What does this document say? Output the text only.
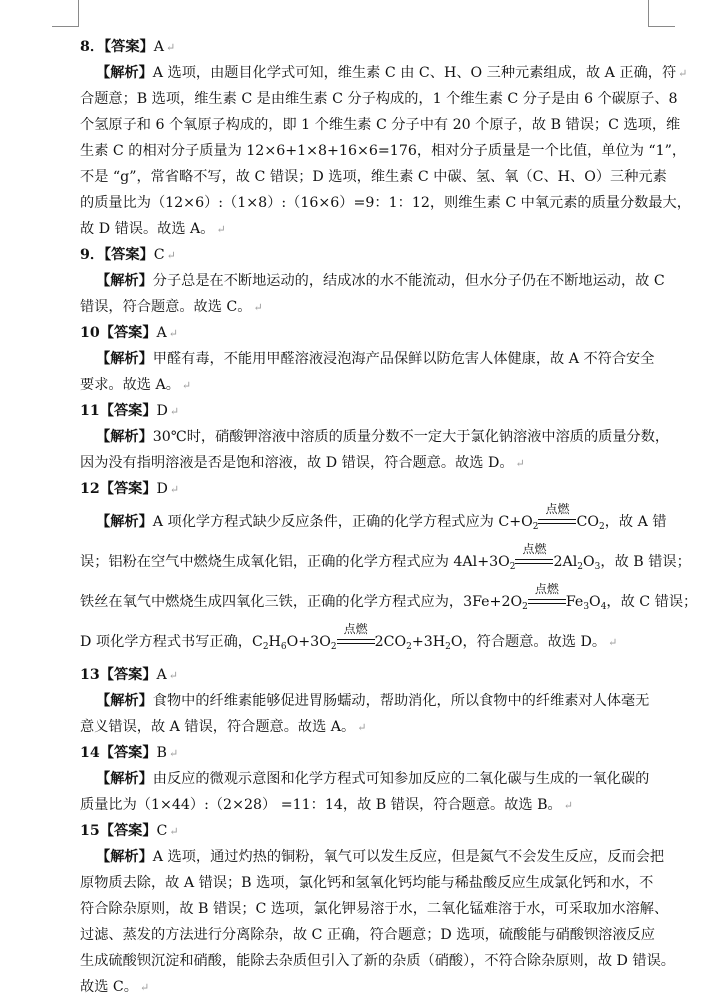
8．【答案】A ↵
【解析】A 选项，由题目化学式可知，维生素 C 由 C、H、O 三种元素组成，故 A 正确，符 ↵
合题意；B 选项，维生素 C 是由维生素 C 分子构成的，1 个维生素 C 分子是由 6 个碳原子、8
个氢原子和 6 个氧原子构成的，即 1 个维生素 C 分子中有 20 个原子，故 B 错误；C 选项，维
生素 C 的相对分子质量为 12×6+1×8+16×6=176，相对分子质量是一个比值，单位为 “1”，
不是 “g”，常省略不写，故 C 错误；D 选项，维生素 C 中碳、氢、氧（C、H、O）三种元素
的质量比为（12×6）:（1×8）:（16×6）=9：1：12，则维生素 C 中氧元素的质量分数最大，
故 D 错误。故选 A。 ↵
9．【答案】C ↵
【解析】分子总是在不断地运动的，结成冰的水不能流动，但水分子仍在不断地运动，故 C
错误，符合题意。故选 C。 ↵
10【答案】A ↵
【解析】甲醛有毒，不能用甲醛溶液浸泡海产品保鲜以防危害人体健康，故 A 不符合安全
要求。故选 A。 ↵
11【答案】D ↵
【解析】30℃时，硝酸钾溶液中溶质的质量分数不一定大于氯化钠溶液中溶质的质量分数，
因为没有指明溶液是否是饱和溶液，故 D 错误，符合题意。故选 D。 ↵
12【答案】D ↵
【解析】A 项化学方程式缺少反应条件，正确的化学方程式应为 $C+O_2$
点燃
$CO_2$，故 A 错
误；铝粉在空气中燃烧生成氧化铝，正确的化学方程式应为 $4Al+3O_2$
点燃
$2Al_2O_3$，故 B 错误；
铁丝在氧气中燃烧生成四氧化三铁，正确的化学方程式应为，$3Fe+2O_2$
点燃
$Fe_3O_4$，故 C 错误；
D 项化学方程式书写正确，$C_2H_6O+3O_2$
点燃
$2CO_2+3H_2O$，符合题意。故选 D。 ↵
13【答案】A ↵
【解析】食物中的纤维素能够促进胃肠蠕动，帮助消化，所以食物中的纤维素对人体毫无
意义错误，故 A 错误，符合题意。故选 A。 ↵
14【答案】B ↵
【解析】由反应的微观示意图和化学方程式可知参加反应的二氧化碳与生成的一氧化碳的
质量比为（1×44）:（2×28） =11：14，故 B 错误，符合题意。故选 B。 ↵
15【答案】C ↵
【解析】A 选项，通过灼热的铜粉，氧气可以发生反应，但是氮气不会发生反应，反而会把
原物质去除，故 A 错误；B 选项，氯化钙和氢氧化钙均能与稀盐酸反应生成氯化钙和水，不
符合除杂原则，故 B 错误；C 选项，氯化钾易溶于水，二氧化锰难溶于水，可采取加水溶解、
过滤、蒸发的方法进行分离除杂，故 C 正确，符合题意；D 选项，硫酸能与硝酸钡溶液反应
生成硫酸钡沉淀和硝酸，能除去杂质但引入了新的杂质（硝酸），不符合除杂原则，故 D 错误。
故选 C。 ↵
